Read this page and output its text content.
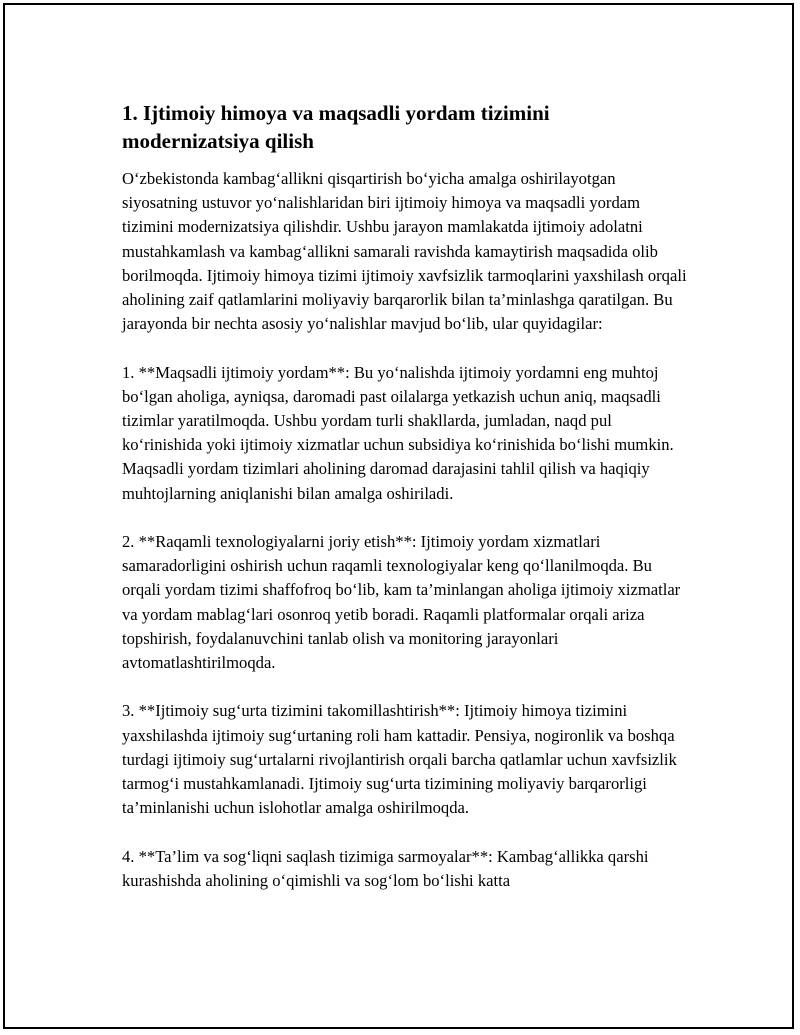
1. Ijtimoiy himoya va maqsadli yordam tizimini
modernizatsiya qilish

O‘zbekistonda kambag‘allikni qisqartirish bo‘yicha amalga oshirilayotgan siyosatning ustuvor yo‘nalishlaridan biri ijtimoiy himoya va maqsadli yordam tizimini modernizatsiya qilishdir. Ushbu jarayon mamlakatda ijtimoiy adolatni mustahkamlash va kambag‘allikni samarali ravishda kamaytirish maqsadida olib borilmoqda. Ijtimoiy himoya tizimi ijtimoiy xavfsizlik tarmoqlarini yaxshilash orqali aholining zaif qatlamlarini moliyaviy barqarorlik bilan ta’minlashga qaratilgan. Bu jarayonda bir nechta asosiy yo‘nalishlar mavjud bo‘lib, ular quyidagilar:

1. **Maqsadli ijtimoiy yordam**: Bu yo‘nalishda ijtimoiy yordamni eng muhtoj bo‘lgan aholiga, ayniqsa, daromadi past oilalarga yetkazish uchun aniq, maqsadli tizimlar yaratilmoqda. Ushbu yordam turli shakllarda, jumladan, naqd pul ko‘rinishida yoki ijtimoiy xizmatlar uchun subsidiya ko‘rinishida bo‘lishi mumkin. Maqsadli yordam tizimlari aholining daromad darajasini tahlil qilish va haqiqiy muhtojlarning aniqlanishi bilan amalga oshiriladi.

2. **Raqamli texnologiyalarni joriy etish**: Ijtimoiy yordam xizmatlari samaradorligini oshirish uchun raqamli texnologiyalar keng qo‘llanilmoqda. Bu orqali yordam tizimi shaffofroq bo‘lib, kam ta’minlangan aholiga ijtimoiy xizmatlar va yordam mablag‘lari osonroq yetib boradi. Raqamli platformalar orqali ariza topshirish, foydalanuvchini tanlab olish va monitoring jarayonlari avtomatlashtirilmoqda.

3. **Ijtimoiy sug‘urta tizimini takomillashtirish**: Ijtimoiy himoya tizimini yaxshilashda ijtimoiy sug‘urtaning roli ham kattadir. Pensiya, nogironlik va boshqa turdagi ijtimoiy sug‘urtalarni rivojlantirish orqali barcha qatlamlar uchun xavfsizlik tarmog‘i mustahkamlanadi. Ijtimoiy sug‘urta tizimining moliyaviy barqarorligi ta’minlanishi uchun islohotlar amalga oshirilmoqda.

4. **Ta’lim va sog‘liqni saqlash tizimiga sarmoyalar**: Kambag‘allikka qarshi kurashishda aholining o‘qimishli va sog‘lom bo‘lishi katta
